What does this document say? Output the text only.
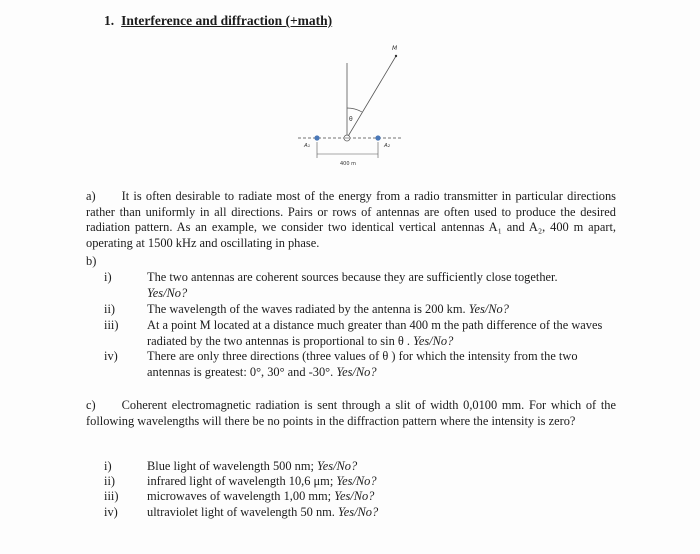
1. Interference and diffraction (+math)
θ
M
A₁	A₂
400 m
a) It is often desirable to radiate most of the energy from a radio transmitter in particular directions rather than uniformly in all directions. Pairs or rows of antennas are often used to produce the desired radiation pattern. As an example, we consider two identical vertical antennas A₁ and A₂, 400 m apart, operating at 1500 kHz and oscillating in phase.
b)
i)	The two antennas are coherent sources because they are sufficiently close together.
Yes/No?
ii)	The wavelength of the waves radiated by the antenna is 200 km. Yes/No?
iii) At a point M located at a distance much greater than 400 m the path difference of the waves radiated by the two antennas is proportional to sin θ . Yes/No?
iv) There are only three directions (three values of θ ) for which the intensity from the two antennas is greatest: 0°, 30° and -30°. Yes/No?
c) Coherent electromagnetic radiation is sent through a slit of width 0,0100 mm. For which of the following wavelengths will there be no points in the diffraction pattern where the intensity is zero?
i)	Blue light of wavelength 500 nm; Yes/No?
ii)	infrared light of wavelength 10,6 μm; Yes/No?
iii) microwaves of wavelength 1,00 mm; Yes/No?
iv) ultraviolet light of wavelength 50 nm. Yes/No?
